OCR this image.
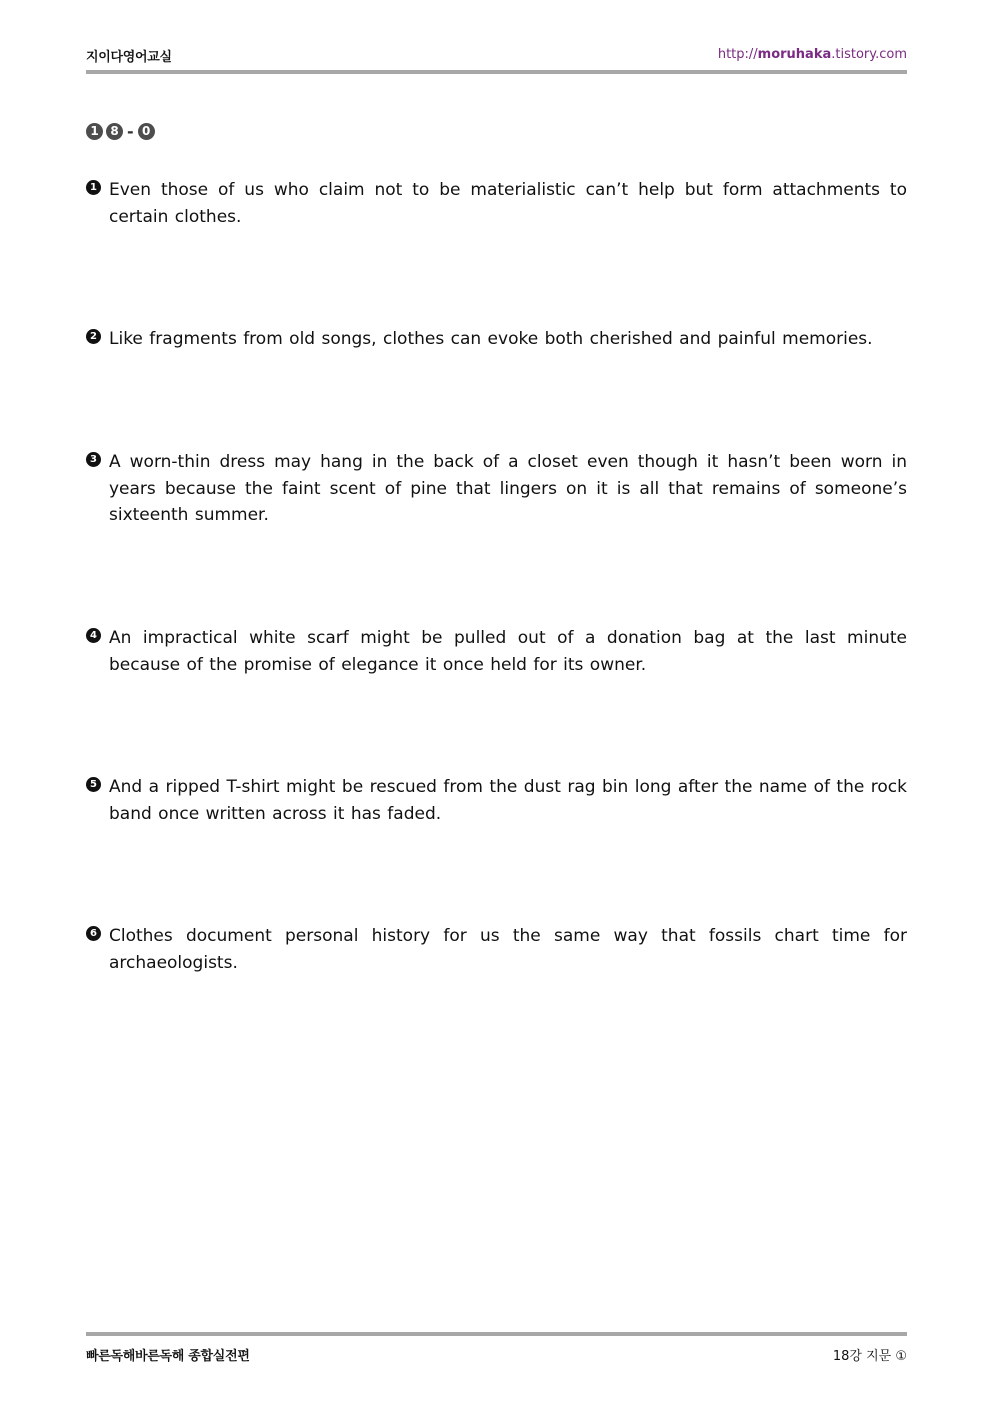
지이다영어교실	http://moruhaka.tistory.com
1 8 - 0
1 Even those of us who claim not to be materialistic can’t help but form attachments to certain clothes.
2 Like fragments from old songs, clothes can evoke both cherished and painful memories.
3 A worn-thin dress may hang in the back of a closet even though it hasn’t been worn in years because the faint scent of pine that lingers on it is all that remains of someone’s sixteenth summer.
4 An impractical white scarf might be pulled out of a donation bag at the last minute because of the promise of elegance it once held for its owner.
5 And a ripped T-shirt might be rescued from the dust rag bin long after the name of the rock band once written across it has faded.
6 Clothes document personal history for us the same way that fossils chart time for archaeologists.
빠른독해바른독해 종합실전편	18강 지문 ①
